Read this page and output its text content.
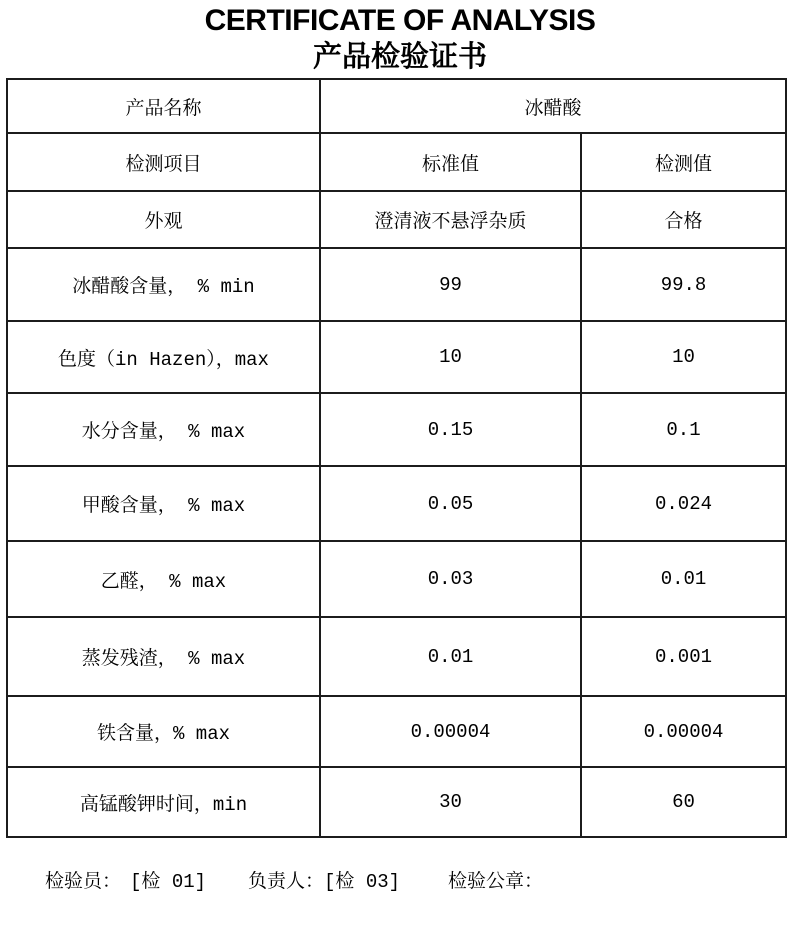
CERTIFICATE OF ANALYSIS
产品检验证书
产品名称	冰醋酸	
检测项目	标准值	检测值
外观	澄清液不悬浮杂质	合格
冰醋酸含量， % min	99	99.8
色度（in Hazen），max	10	10
水分含量， % max	0.15	0.1
甲酸含量， % max	0.05	0.024
乙醛， % max	0.03	0.01
蒸发残渣， % max	0.01	0.001
铁含量，% max	0.00004	0.00004
高锰酸钾时间，min	30	60
检验员： [检 01] 负责人：[检 03]	检验公章：
